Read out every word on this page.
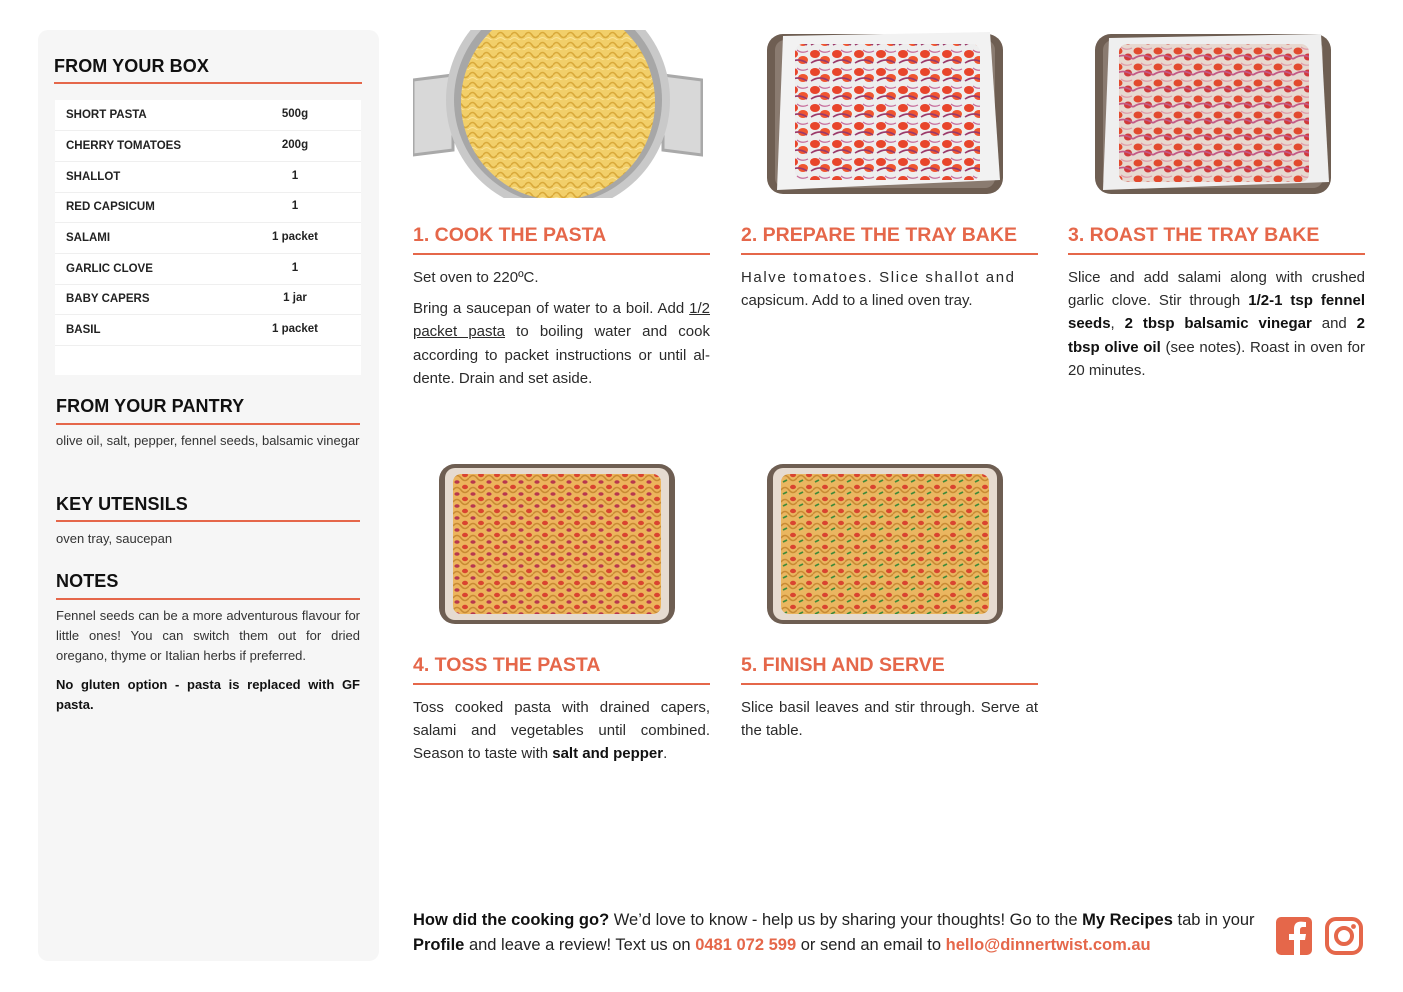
FROM YOUR BOX
SHORT PASTA	500g
CHERRY TOMATOES	200g
SHALLOT	1
RED CAPSICUM	1
SALAMI	1 packet
GARLIC CLOVE	1
BABY CAPERS	1 jar
BASIL	1 packet
FROM YOUR PANTRY
olive oil, salt, pepper, fennel seeds, balsamic vinegar
KEY UTENSILS
oven tray, saucepan
NOTES
Fennel seeds can be a more adventurous flavour for little ones! You can switch them out for dried oregano, thyme or Italian herbs if preferred.
No gluten option - pasta is replaced with GF pasta.
1. COOK THE PASTA

Set oven to 220ºC.

Bring a saucepan of water to a boil. Add 1/2 packet pasta to boiling water and cook according to packet instructions or until al-dente. Drain and set aside.

2. PREPARE THE TRAY BAKE
Halve tomatoes. Slice shallot and
capsicum. Add to a lined oven tray.
3. ROAST THE TRAY BAKE

Slice and add salami along with crushed garlic clove. Stir through 1/2-1 tsp fennel seeds, 2 tbsp balsamic vinegar and 2 tbsp olive oil (see notes). Roast in oven for 20 minutes.

4. TOSS THE PASTA

Toss cooked pasta with drained capers, salami and vegetables until combined. Season to taste with salt and pepper.

5. FINISH AND SERVE

Slice basil leaves and stir through. Serve at the table.

How did the cooking go? We’d love to know - help us by sharing your thoughts! Go to the My Recipes tab in your Profile and leave a review! Text us on 0481 072 599 or send an email to hello@dinnertwist.com.au
